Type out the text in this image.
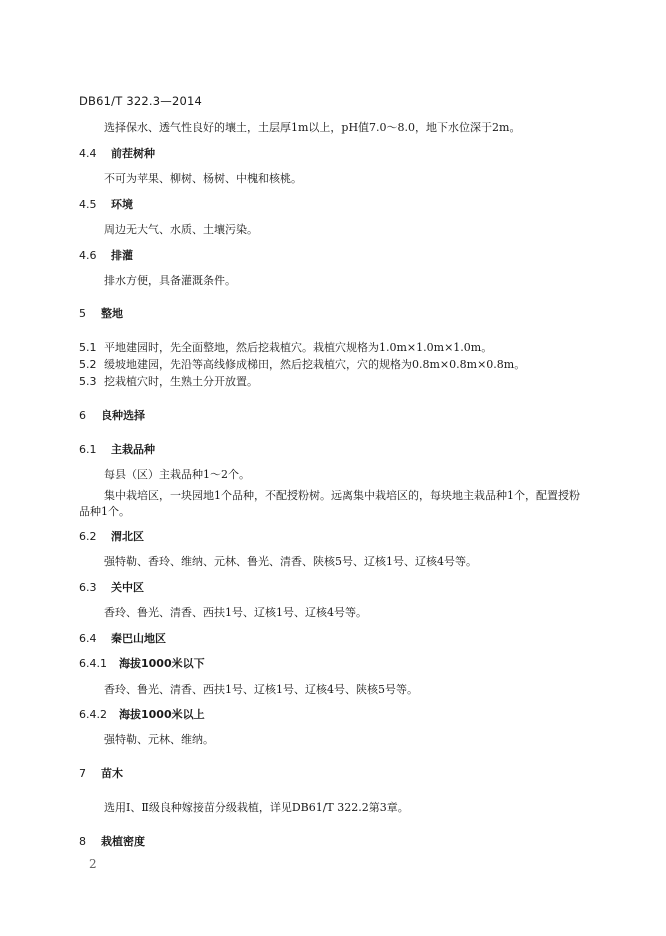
DB61/T 322.3—2014
选择保水、透气性良好的壤土，土层厚1m以上，pH值7.0～8.0，地下水位深于2m。
4.4 前茬树种
不可为苹果、柳树、杨树、中槐和核桃。
4.5 环境
周边无大气、水质、土壤污染。
4.6 排灌
排水方便，具备灌溉条件。
5 整地
5.1 平地建园时，先全面整地，然后挖栽植穴。栽植穴规格为1.0m×1.0m×1.0m。
5.2 缓坡地建园，先沿等高线修成梯田，然后挖栽植穴，穴的规格为0.8m×0.8m×0.8m。
5.3 挖栽植穴时，生熟土分开放置。
6 良种选择
6.1 主栽品种
每县（区）主栽品种1～2个。
集中栽培区，一块园地1个品种，不配授粉树。远离集中栽培区的，每块地主栽品种1个，配置授粉
品种1个。
6.2 渭北区
强特勒、香玲、维纳、元林、鲁光、清香、陕核5号、辽核1号、辽核4号等。
6.3 关中区
香玲、鲁光、清香、西扶1号、辽核1号、辽核4号等。
6.4 秦巴山地区
6.4.1 海拔1000米以下
香玲、鲁光、清香、西扶1号、辽核1号、辽核4号、陕核5号等。
6.4.2 海拔1000米以上
强特勒、元林、维纳。
7 苗木
选用Ⅰ、Ⅱ级良种嫁接苗分级栽植，详见DB61/T 322.2第3章。
8 栽植密度
2
